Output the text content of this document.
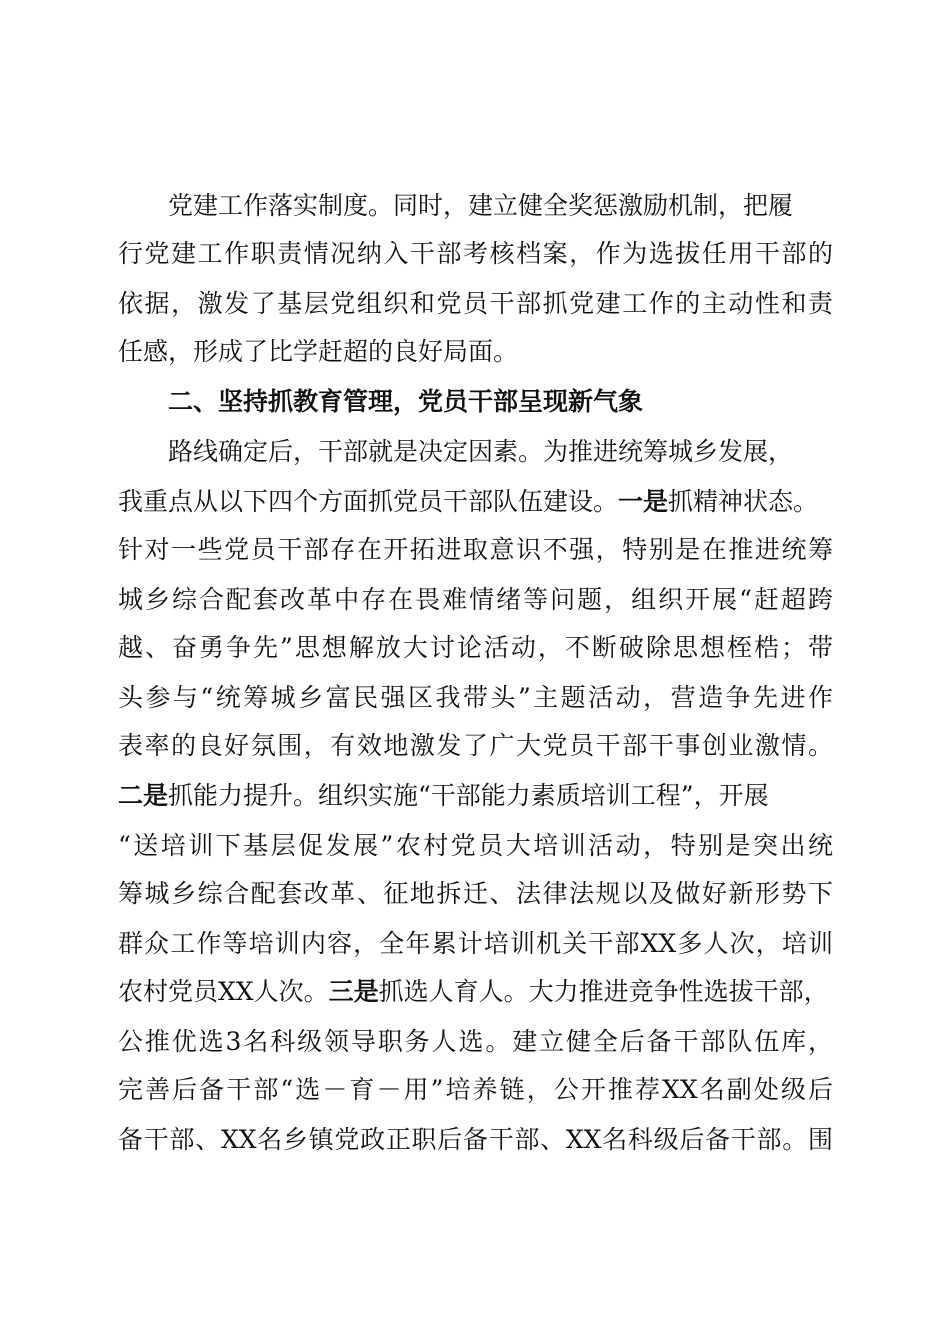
党建工作落实制度。同时，建立健全奖惩激励机制，把履
行党建工作职责情况纳入干部考核档案，作为选拔任用干部的
依据，激发了基层党组织和党员干部抓党建工作的主动性和责
任感，形成了比学赶超的良好局面。
二、坚持抓教育管理，党员干部呈现新气象
路线确定后，干部就是决定因素。为推进统筹城乡发展，
我重点从以下四个方面抓党员干部队伍建设。一是抓精神状态。
针对一些党员干部存在开拓进取意识不强，特别是在推进统筹
城乡综合配套改革中存在畏难情绪等问题，组织开展“赶超跨
越、奋勇争先”思想解放大讨论活动，不断破除思想桎梏；带
头参与“统筹城乡富民强区我带头”主题活动，营造争先进作
表率的良好氛围，有效地激发了广大党员干部干事创业激情。
二是抓能力提升。组织实施“干部能力素质培训工程”，开展
“送培训下基层促发展”农村党员大培训活动，特别是突出统
筹城乡综合配套改革、征地拆迁、法律法规以及做好新形势下
群众工作等培训内容，全年累计培训机关干部XX多人次，培训
农村党员XX人次。三是抓选人育人。大力推进竞争性选拔干部，
公推优选3名科级领导职务人选。建立健全后备干部队伍库，
完善后备干部“选－育－用”培养链，公开推荐XX名副处级后
备干部、XX名乡镇党政正职后备干部、XX名科级后备干部。围
